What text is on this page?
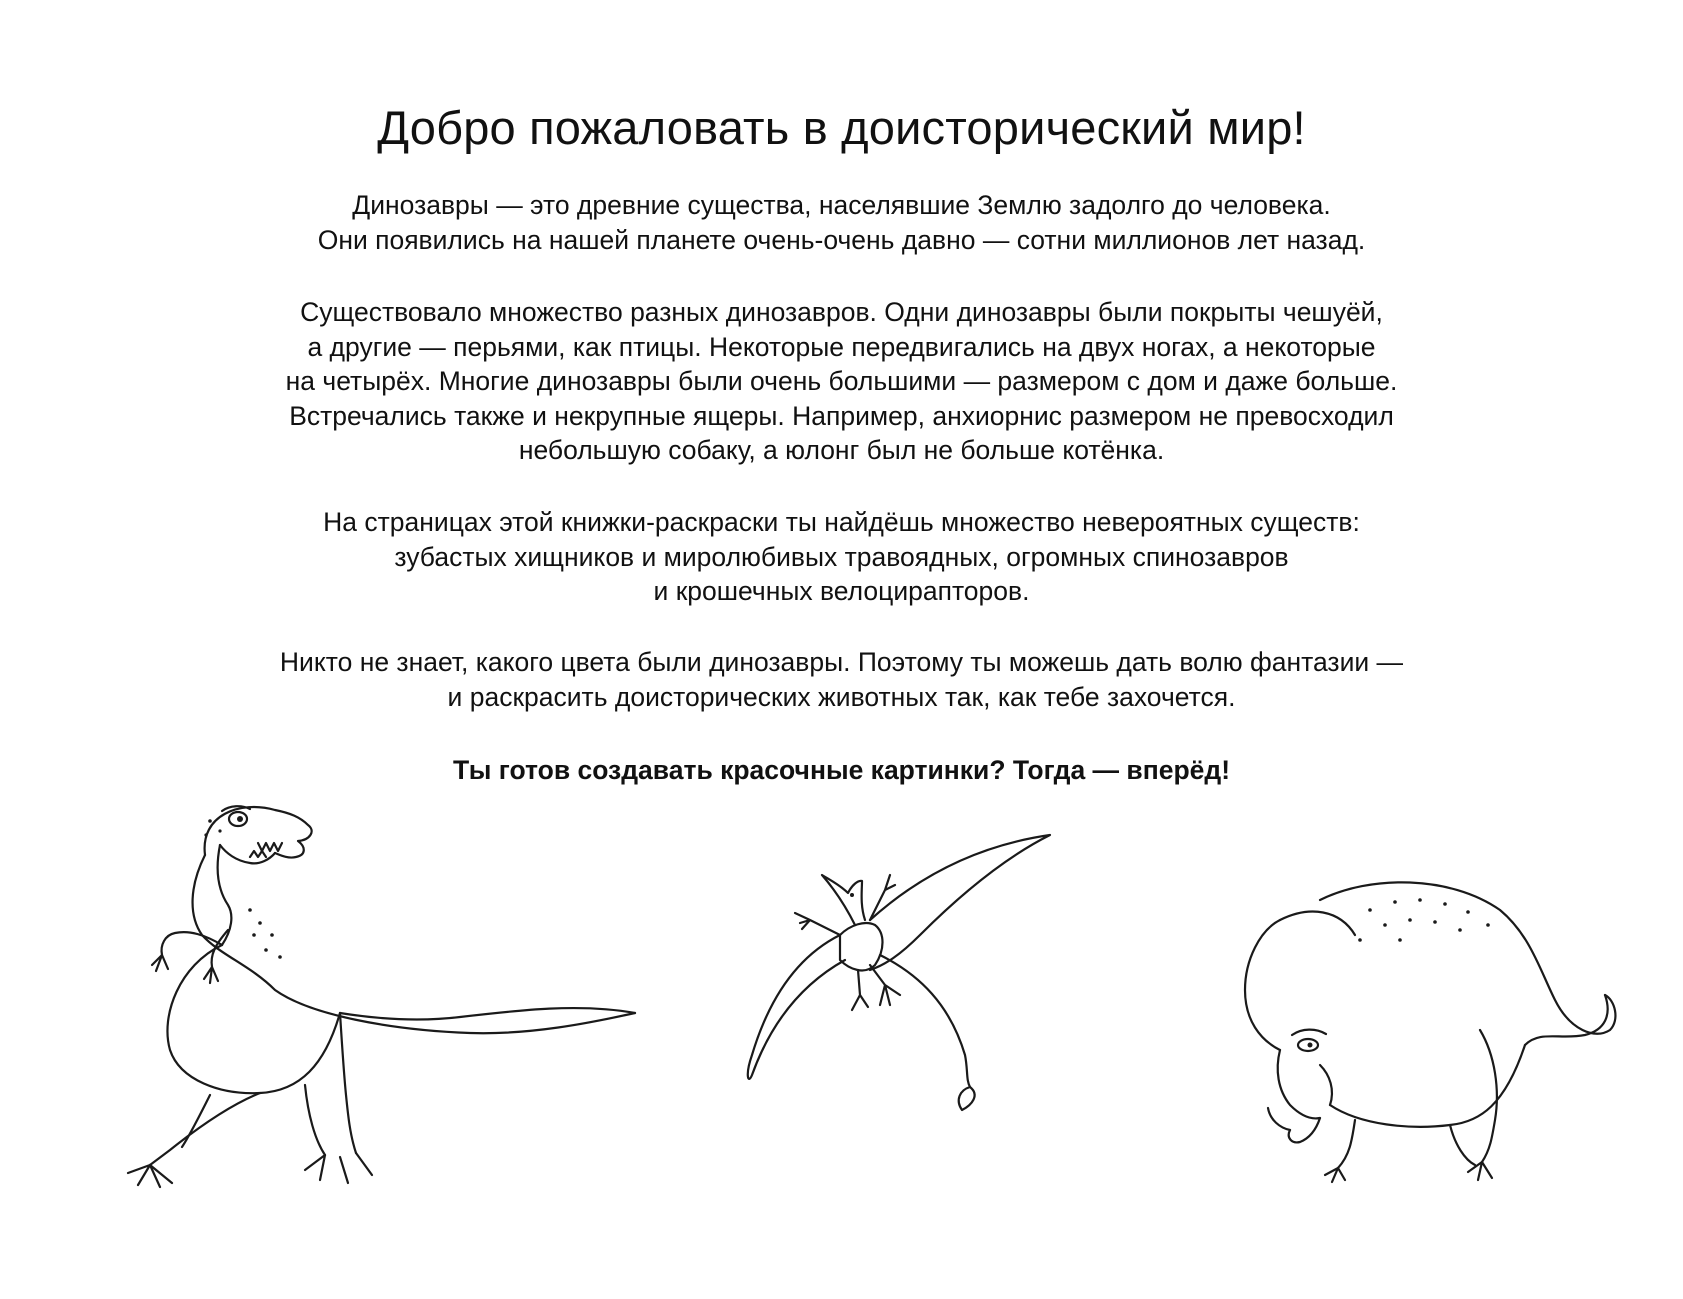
Добро пожаловать в доисторический мир!

Динозавры — это древние существа, населявшие Землю задолго до человека.
Они появились на нашей планете очень-очень давно — сотни миллионов лет назад.

Существовало множество разных динозавров. Одни динозавры были покрыты чешуёй,
а другие — перьями, как птицы. Некоторые передвигались на двух ногах, а некоторые
на четырёх. Многие динозавры были очень большими — размером с дом и даже больше.
Встречались также и некрупные ящеры. Например, анхиорнис размером не превосходил
небольшую собаку, а юлонг был не больше котёнка.

На страницах этой книжки-раскраски ты найдёшь множество невероятных существ:
зубастых хищников и миролюбивых травоядных, огромных спинозавров
и крошечных велоцирапторов.

Никто не знает, какого цвета были динозавры. Поэтому ты можешь дать волю фантазии —
и раскрасить доисторических животных так, как тебе захочется.

Ты готов создавать красочные картинки? Тогда — вперёд!
